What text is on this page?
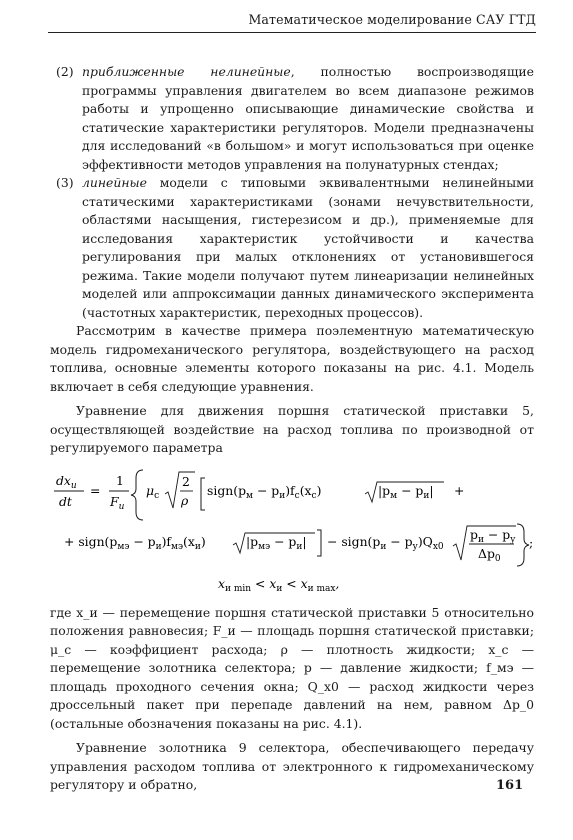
Математическое моделирование САУ ГТД
(2) приближенные нелинейные, полностью воспроизводящие программы управления двигателем во всем диапазоне режимов работы и упрощенно описывающие динамические свойства и статические характеристики регуляторов. Модели предназначены для исследований «в большом» и могут использоваться при оценке эффективности методов управления на полунатурных стендах;
(3) линейные модели с типовыми эквивалентными нелинейными статическими характеристиками (зонами нечувствительности, областями насыщения, гистерезисом и др.), применяемые для исследования характеристик устойчивости и качества регулирования при малых отклонениях от установившегося режима. Такие модели получают путем линеаризации нелинейных моделей или аппроксимации данных динамического эксперимента (частотных характеристик, переходных процессов).

Рассмотрим в качестве примера поэлементную математическую модель гидромеханического регулятора, воздействующего на расход топлива, основные элементы которого показаны на рис. 4.1. Модель включает в себя следующие уравнения.

Уравнение для движения поршня статической приставки 5, осуществляющей воздействие на расход топлива по производной от регулируемого параметра

$dx_и$
dt
=
1
$F_и$
$\mu_с$
2
ρ
$sign(p_м - p_и)f_с(x_с)$	$|p_м - p_и|$ +
+ $sign(p_{мэ} - p_и)f_{мэ}(x_и)$	$|p_{мэ} - p_и|$ − $sign(p_и - p_у)Q_{x0}$
$p_и - p_у$
$\Delta p_0$
;
$x_{и min} < x_и < x_{и max}$,

где x_и — перемещение поршня статической приставки 5 относительно положения равновесия; F_и — площадь поршня статической приставки; μ_с — коэффициент расхода; ρ — плотность жидкости; x_с — перемещение золотника селектора; p — давление жидкости; f_мэ — площадь проходного сечения окна; Q_x0 — расход жидкости через дроссельный пакет при перепаде давлений на нем, равном Δp_0 (остальные обозначения показаны на рис. 4.1).

Уравнение золотника 9 селектора, обеспечивающего передачу управления расходом топлива от электронного к гидромеханическому регулятору и обратно,	161
